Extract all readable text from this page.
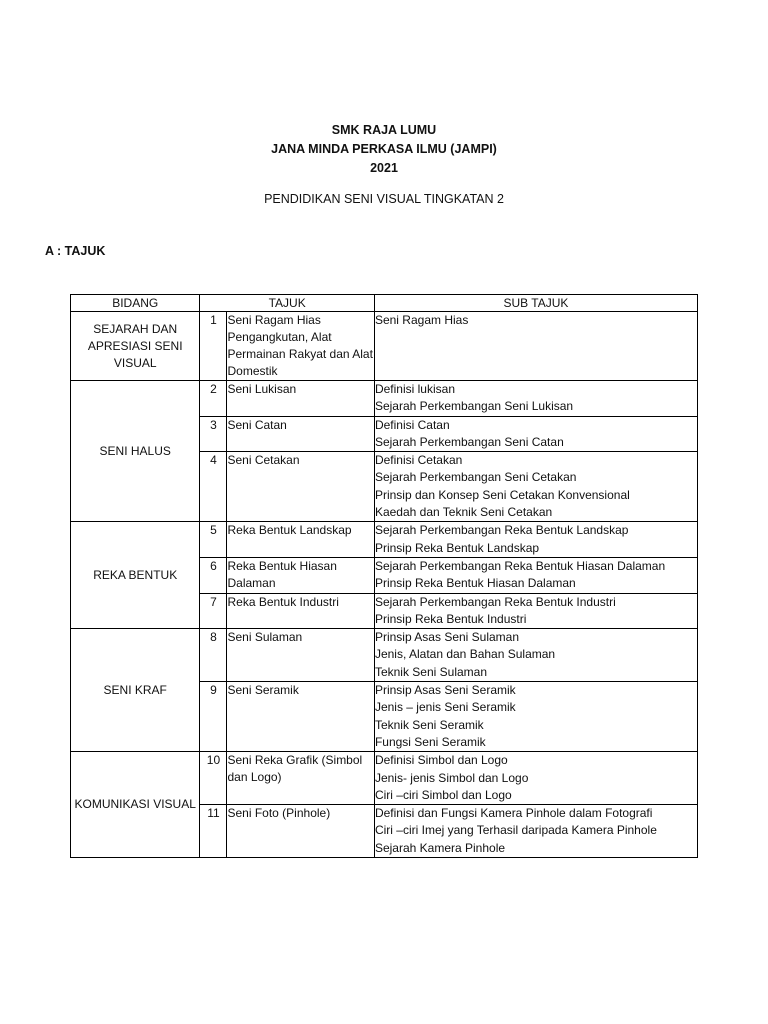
SMK RAJA LUMU
JANA MINDA PERKASA ILMU (JAMPI)
2021
PENDIDIKAN SENI VISUAL TINGKATAN 2
A : TAJUK
BIDANG	TAJUK		SUB TAJUK
SEJARAH DAN APRESIASI SENI VISUAL	1	Seni Ragam Hias Pengangkutan, Alat Permainan Rakyat dan Alat Domestik	Seni Ragam Hias

SENI HALUS	2	Seni Lukisan	Definisi lukisan
Sejarah Perkembangan Seni Lukisan

	3	Seni Catan	Definisi Catan
Sejarah Perkembangan Seni Catan

	4	Seni Cetakan	Definisi Cetakan
Sejarah Perkembangan Seni Cetakan
Prinsip dan Konsep Seni Cetakan Konvensional
Kaedah dan Teknik Seni Cetakan

REKA BENTUK	5	Reka Bentuk Landskap	Sejarah Perkembangan Reka Bentuk Landskap
Prinsip Reka Bentuk Landskap

	6	Reka Bentuk Hiasan Dalaman	Sejarah Perkembangan Reka Bentuk Hiasan Dalaman
Prinsip Reka Bentuk Hiasan Dalaman

	7	Reka Bentuk Industri	Sejarah Perkembangan Reka Bentuk Industri
Prinsip Reka Bentuk Industri

SENI KRAF	8	Seni Sulaman	Prinsip Asas Seni Sulaman
Jenis, Alatan dan Bahan Sulaman
Teknik Seni Sulaman

	9	Seni Seramik	Prinsip Asas Seni Seramik
Jenis – jenis Seni Seramik
Teknik Seni Seramik
Fungsi Seni Seramik

KOMUNIKASI VISUAL	10	Seni Reka Grafik (Simbol dan Logo)	Definisi Simbol dan Logo
Jenis- jenis Simbol dan Logo
Ciri –ciri Simbol dan Logo

	11	Seni Foto (Pinhole)	Definisi dan Fungsi Kamera Pinhole dalam Fotografi
Ciri –ciri Imej yang Terhasil daripada Kamera Pinhole
Sejarah Kamera Pinhole
